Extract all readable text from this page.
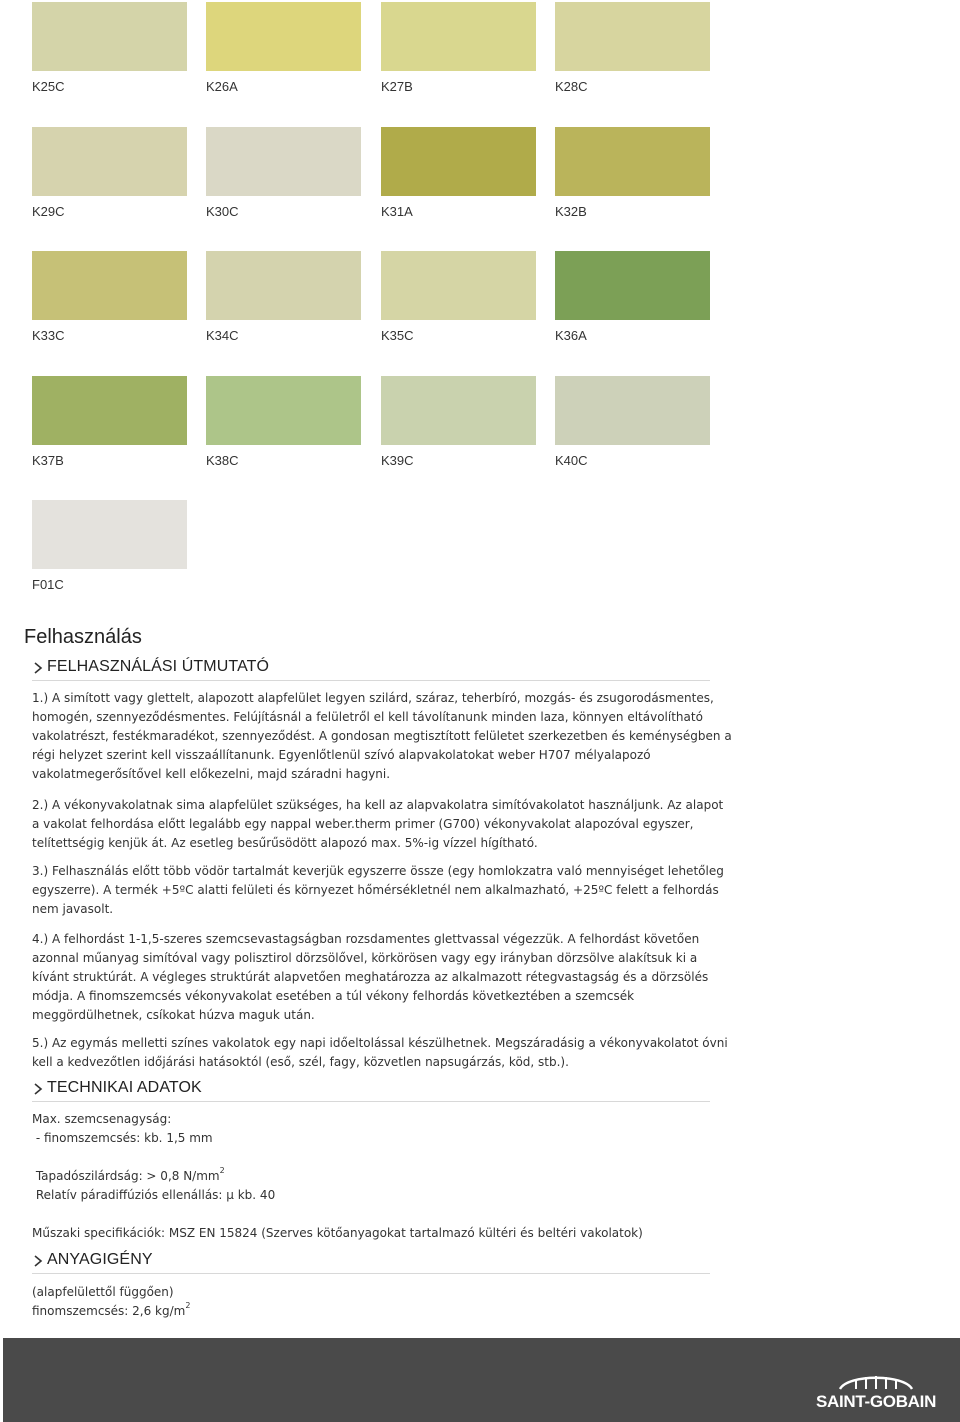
K25C	K26A	K27B	K28C
K29C	K30C	K31A	K32B
K33C	K34C	K35C	K36A
K37B	K38C	K39C	K40C
F01C
Felhasználás
FELHASZNÁLÁSI ÚTMUTATÓ
1.) A simított vagy glettelt, alapozott alapfelület legyen szilárd, száraz, teherbíró, mozgás- és zsugorodásmentes,
homogén, szennyeződésmentes. Felújításnál a felületről el kell távolítanunk minden laza, könnyen eltávolítható
vakolatrészt, festékmaradékot, szennyeződést. A gondosan megtisztított felületet szerkezetben és keménységben a
régi helyzet szerint kell visszaállítanunk. Egyenlőtlenül szívó alapvakolatokat weber H707 mélyalapozó
vakolatmegerősítővel kell előkezelni, majd száradni hagyni.
2.) A vékonyvakolatnak sima alapfelület szükséges, ha kell az alapvakolatra simítóvakolatot használjunk. Az alapot
a vakolat felhordása előtt legalább egy nappal weber.therm primer (G700) vékonyvakolat alapozóval egyszer,
telítettségig kenjük át. Az esetleg besűrűsödött alapozó max. 5%-ig vízzel hígítható.
3.) Felhasználás előtt több vödör tartalmát keverjük egyszerre össze (egy homlokzatra való mennyiséget lehetőleg
egyszerre). A termék +5ºC alatti felületi és környezet hőmérsékletnél nem alkalmazható, +25ºC felett a felhordás
nem javasolt.
4.) A felhordást 1-1,5-szeres szemcsevastagságban rozsdamentes glettvassal végezzük. A felhordást követően
azonnal műanyag simítóval vagy polisztirol dörzsölővel, körkörösen vagy egy irányban dörzsölve alakítsuk ki a
kívánt struktúrát. A végleges struktúrát alapvetően meghatározza az alkalmazott rétegvastagság és a dörzsölés
módja. A finomszemcsés vékonyvakolat esetében a túl vékony felhordás következtében a szemcsék
meggördülhetnek, csíkokat húzva maguk után.
5.) Az egymás melletti színes vakolatok egy napi időeltolással készülhetnek. Megszáradásig a vékonyvakolatot óvni
kell a kedvezőtlen időjárási hatásoktól (eső, szél, fagy, közvetlen napsugárzás, köd, stb.).
TECHNIKAI ADATOK
Max. szemcsenagyság:
- finomszemcsés: kb. 1,5 mm
Tapadószilárdság: > 0,8 $N/mm^2$
Relatív páradiffúziós ellenállás: μ kb. 40
Műszaki specifikációk: MSZ EN 15824 (Szerves kötőanyagokat tartalmazó kültéri és beltéri vakolatok)
ANYAGIGÉNY
(alapfelülettől függően)
finomszemcsés: 2,6 $kg/m^2$
SAINT-GOBAIN
